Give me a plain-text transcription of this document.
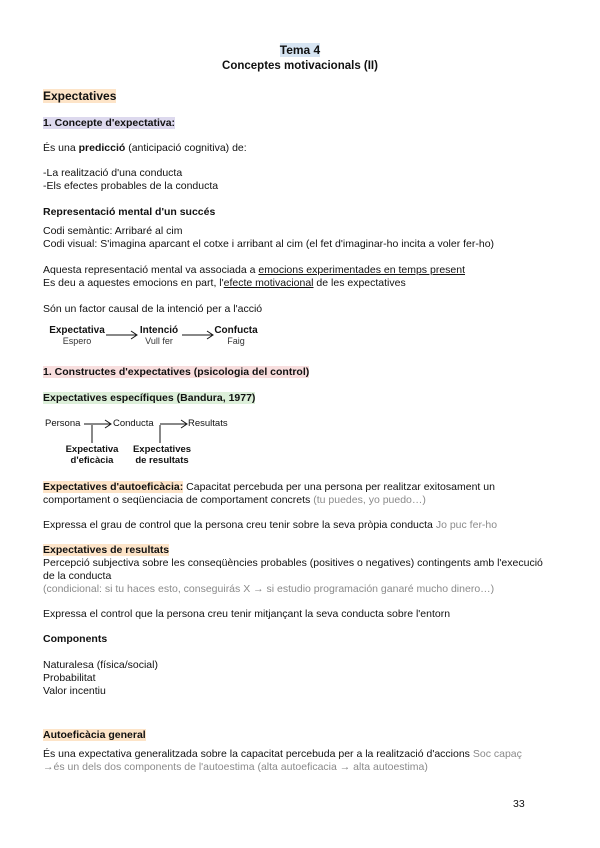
Tema 4
Conceptes motivacionals (II)
Expectatives
1. Concepte d'expectativa:
És una predicció (anticipació cognitiva) de:
-La realització d'una conducta
-Els efectes probables de la conducta
Representació mental d'un succés
Codi semàntic: Arribaré al cim
Codi visual: S'imagina aparcant el cotxe i arribant al cim (el fet d'imaginar-ho incita a voler fer-ho)
Aquesta representació mental va associada a emocions experimentades en temps present
Es deu a aquestes emocions en part, l'efecte motivacional de les expectatives
Són un factor causal de la intenció per a l'acció
Expectativa
Espero
Intenció
Vull fer
Confucta
Faig
1. Constructes d'expectatives (psicologia del control)
Expectatives específiques (Bandura, 1977)
Persona	Conducta	Resultats
Expectativa
d'eficàcia
Expectatives
de resultats
Expectatives d'autoeficàcia: Capacitat percebuda per una persona per realitzar exitosament un
comportament o seqüenciacia de comportament concrets (tu puedes, yo puedo…)
Expressa el grau de control que la persona creu tenir sobre la seva pròpia conducta Jo puc fer-ho
Expectatives de resultats
Percepció subjectiva sobre les conseqüències probables (positives o negatives) contingents amb l'execució
de la conducta
(condicional: si tu haces esto, conseguirás X → si estudio programación ganaré mucho dinero…)
Expressa el control que la persona creu tenir mitjançant la seva conducta sobre l'entorn
Components
Naturalesa (física/social)
Probabilitat
Valor incentiu
Autoeficàcia general
És una expectativa generalitzada sobre la capacitat percebuda per a la realització d'accions Soc capaç
→és un dels dos components de l'autoestima (alta autoeficacia → alta autoestima)
33
